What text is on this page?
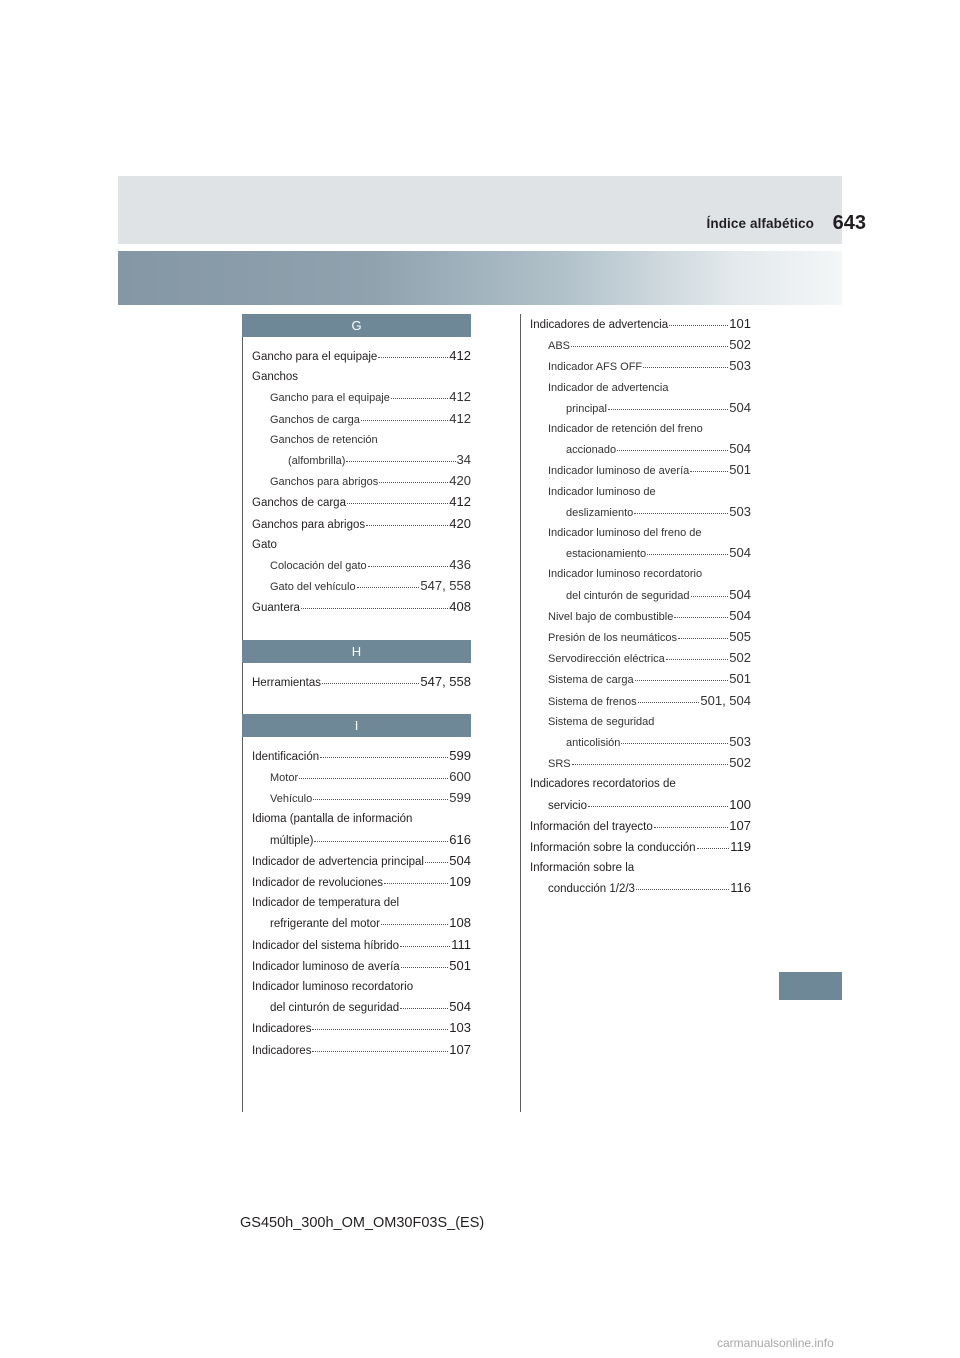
Índice alfabético 643
G
Gancho para el equipaje	412
Ganchos
Gancho para el equipaje	412
Ganchos de carga	412
Ganchos de retención
(alfombrilla)	34
Ganchos para abrigos	420
Ganchos de carga	412
Ganchos para abrigos	420
Gato
Colocación del gato	436
Gato del vehículo	547, 558
Guantera	408
H
Herramientas	547, 558
I
Identificación	599
Motor	600
Vehículo	599
Idioma (pantalla de información
múltiple)	616
Indicador de advertencia principal 504
Indicador de revoluciones	109
Indicador de temperatura del
refrigerante del motor	108
Indicador del sistema híbrido	111
Indicador luminoso de avería	501
Indicador luminoso recordatorio
del cinturón de seguridad	504
Indicadores	103
Indicadores	107
Indicadores de advertencia	101
ABS	502
Indicador AFS OFF	503
Indicador de advertencia
principal	504
Indicador de retención del freno
accionado	504
Indicador luminoso de avería	501
Indicador luminoso de
deslizamiento	503
Indicador luminoso del freno de
estacionamiento	504
Indicador luminoso recordatorio
del cinturón de seguridad	504
Nivel bajo de combustible	504
Presión de los neumáticos	505
Servodirección eléctrica	502
Sistema de carga	501
Sistema de frenos	501, 504
Sistema de seguridad
anticolisión	503
SRS	502
Indicadores recordatorios de
servicio	100
Información del trayecto	107
Información sobre la conducción	119
Información sobre la
conducción 1/2/3	116
GS450h_300h_OM_OM30F03S_(ES)
carmanualsonline.info
